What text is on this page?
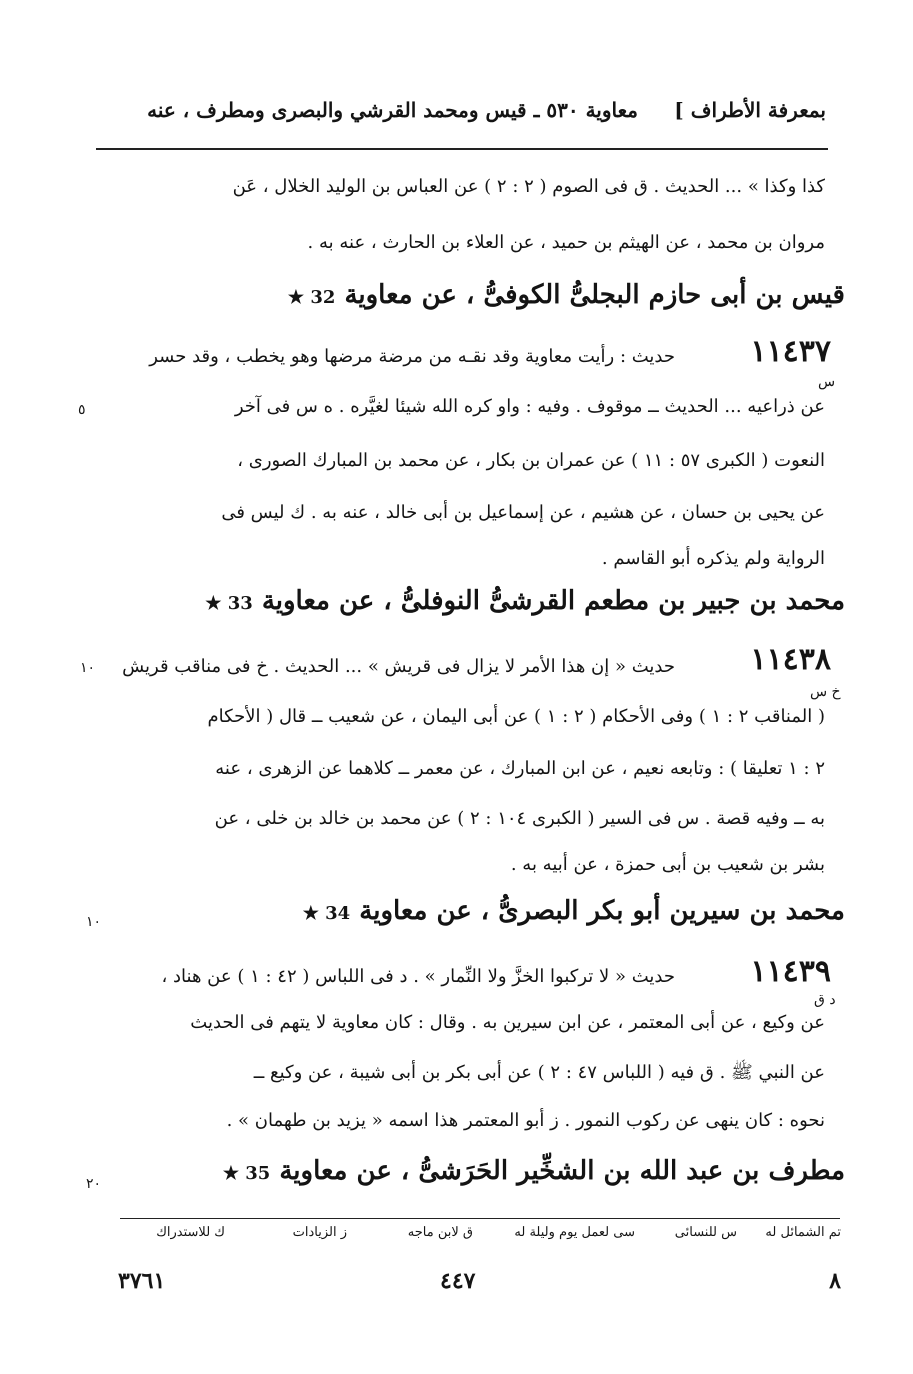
بمعرفة الأطراف ]
معاوية ٥٣٠ ـ قيس ومحمد القرشي والبصرى ومطرف ، عنه
كذا وكذا » ... الحديث . ق فى الصوم ( ٢ : ٢ ) عن العباس بن الوليد الخلال ، عَن
مروان بن محمد ، عن الهيثم بن حميد ، عن العلاء بن الحارث ، عنه به .
قيس بن أبى حازم البجلىُّ الكوفىُّ ، عن معاوية 32 ★
١١٤٣٧
حديث : رأيت معاوية وقد نقـه من مرضة مرضها وهو يخطب ، وقد حسر
س
عن ذراعيه ... الحديث ــ موقوف . وفيه : واو كره الله شيئا لغيَّره . ه س فى آخر
٥
النعوت ( الكبرى ٥٧ : ١١ ) عن عمران بن بكار ، عن محمد بن المبارك الصورى ،
عن يحيى بن حسان ، عن هشيم ، عن إسماعيل بن أبى خالد ، عنه به . ك ليس فى
الرواية ولم يذكره أبو القاسم .
محمد بن جبير بن مطعم القرشىُّ النوفلىُّ ، عن معاوية 33 ★
١١٤٣٨
حديث « إن هذا الأمر لا يزال فى قريش » ... الحديث . خ فى مناقب قريش
١٠
خ س
( المناقب ٢ : ١ ) وفى الأحكام ( ٢ : ١ ) عن أبى اليمان ، عن شعيب ــ قال ( الأحكام
٢ : ١ تعليقا ) : وتابعه نعيم ، عن ابن المبارك ، عن معمر ــ كلاهما عن الزهرى ، عنه
به ــ وفيه قصة . س فى السير ( الكبرى ١٠٤ : ٢ ) عن محمد بن خالد بن خلى ، عن
بشر بن شعيب بن أبى حمزة ، عن أبيه به .
محمد بن سيرين أبو بكر البصرىُّ ، عن معاوية 34 ★
١٠
١١٤٣٩
حديث « لا تركبوا الخزَّ ولا النِّمار » . د فى اللباس ( ٤٢ : ١ ) عن هناد ،
د ق
عن وكيع ، عن أبى المعتمر ، عن ابن سيرين به . وقال : كان معاوية لا يتهم فى الحديث
عن النبي ﷺ . ق فيه ( اللباس ٤٧ : ٢ ) عن أبى بكر بن أبى شيبة ، عن وكيع ــ
نحوه : كان ينهى عن ركوب النمور . ز أبو المعتمر هذا اسمه « يزيد بن طهمان » .
مطرف بن عبد الله بن الشخِّير الحَرَشىُّ ، عن معاوية 35 ★
٢٠
تم الشمائل له
س للنسائى
سى لعمل يوم وليلة له
ق لابن ماجه
ز الزيادات
ك للاستدراك
٨
٤٤٧
٣٧٦١
